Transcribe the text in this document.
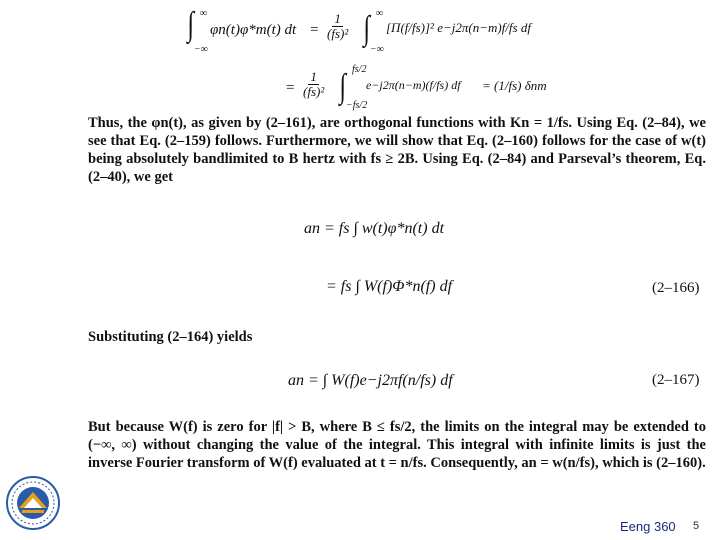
∫ ∞
−∞
φn(t)φ*m(t) dt = $\frac{1}{\text{(fs)²}}$ ∫ ∞
−∞
[Π(f/fs)]² e−j2π(n−m)f/fs df
= $\frac{1}{\text{(fs)²}}$ ∫ fs/2
−fs/2
e−j2π(n−m)(f/fs) df = (1/fs) δnm
Thus, the φn(t), as given by (2–161), are orthogonal functions with Kn = 1/fs. Using Eq. (2–84), we see that Eq. (2–159) follows. Furthermore, we will show that Eq. (2–160) follows for the case of w(t) being absolutely bandlimited to B hertz with fs ≥ 2B. Using Eq. (2–84) and Parseval’s theorem, Eq. (2–40), we get
an = fs ∫ w(t)φ*n(t) dt
= fs ∫ W(f)Φ*n(f) df	(2–166)
Substituting (2–164) yields
an = ∫ W(f)e−j2πf(n/fs) df	(2–167)
But because W(f) is zero for |f| > B, where B ≤ fs/2, the limits on the integral may be extended to (−∞, ∞) without changing the value of the integral. This integral with infinite limits is just the inverse Fourier transform of W(f) evaluated at t = n/fs. Consequently, an = w(n/fs), which is (2–160).
Eeng 360 5
